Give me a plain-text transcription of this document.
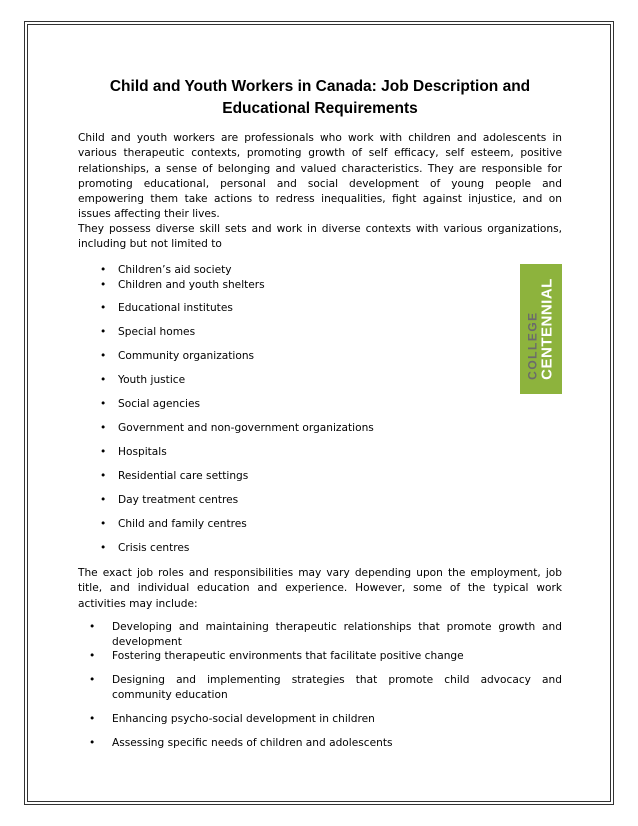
Child and Youth Workers in Canada: Job Description and Educational Requirements

Child and youth workers are professionals who work with children and adolescents in various therapeutic contexts, promoting growth of self efficacy, self esteem, positive relationships, a sense of belonging and valued characteristics. They are responsible for promoting educational, personal and social development of young people and empowering them take actions to redress inequalities, fight against injustice, and on issues affecting their lives.

They possess diverse skill sets and work in diverse contexts with various organizations, including but not limited to

• Children’s aid society
• Children and youth shelters
• Educational institutes
• Special homes
• Community organizations
• Youth justice
• Social agencies
• Government and non-government organizations
• Hospitals
• Residential care settings
• Day treatment centres
• Child and family centres
• Crisis centres
COLLEGE CENTENNIAL

The exact job roles and responsibilities may vary depending upon the employment, job title, and individual education and experience. However, some of the typical work activities may include:

• Developing and maintaining therapeutic relationships that promote growth and development
• Fostering therapeutic environments that facilitate positive change
• Designing and implementing strategies that promote child advocacy and community education
• Enhancing psycho-social development in children
• Assessing specific needs of children and adolescents
